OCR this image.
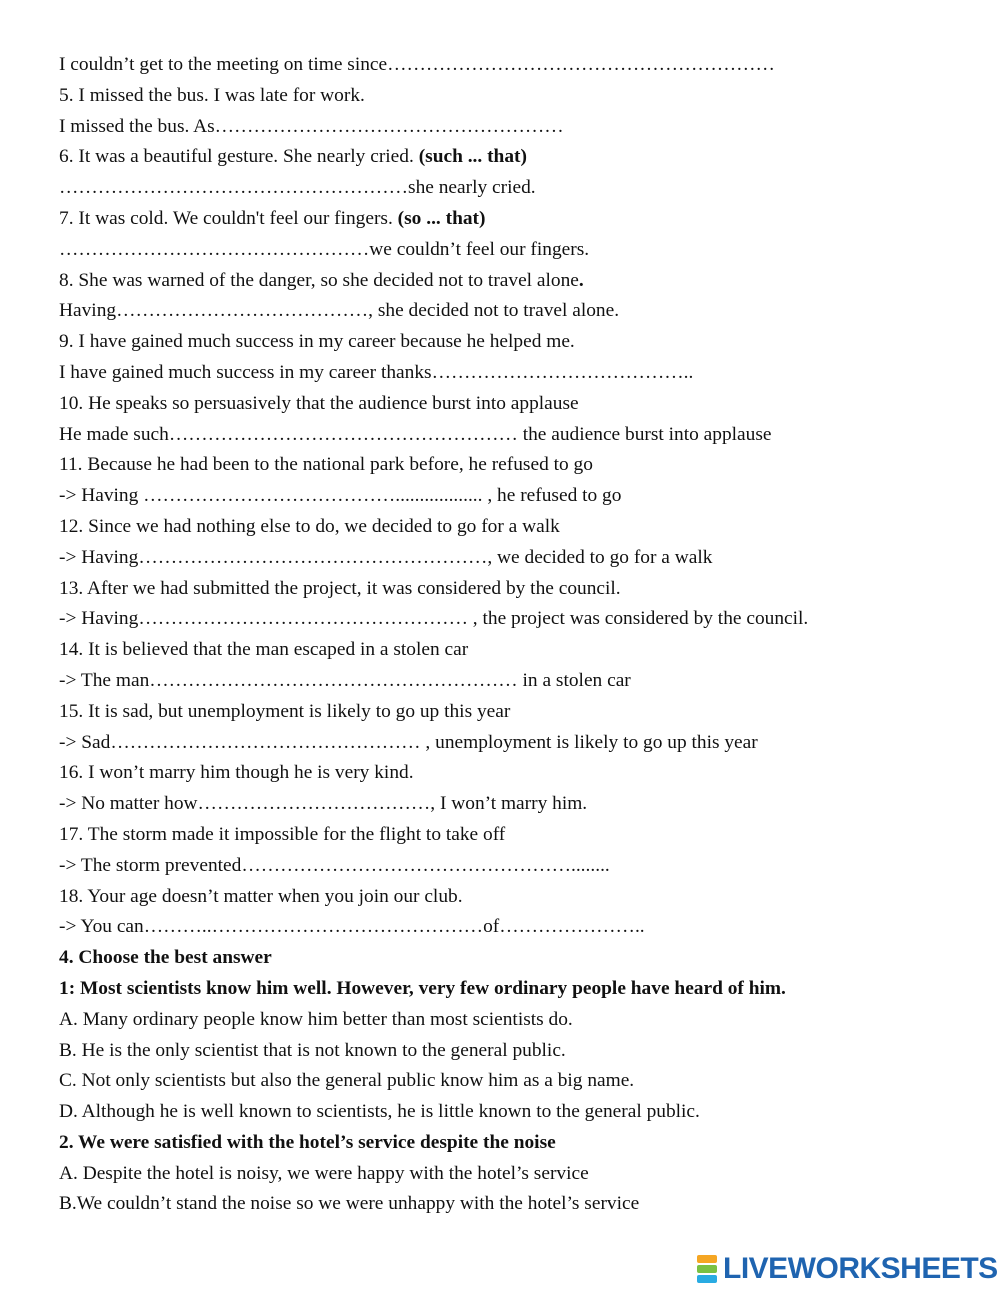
I couldn’t get to the meeting on time since……………………………………………………
5. I missed the bus. I was late for work.
I missed the bus. As………………………………………………
6. It was a beautiful gesture. She nearly cried. (such ... that)
………………………………………………she nearly cried.
7. It was cold. We couldn't feel our fingers. (so ... that)
…………………………………………we couldn’t feel our fingers.
8. She was warned of the danger, so she decided not to travel alone.
Having…………………………………, she decided not to travel alone.
9. I have gained much success in my career because he helped me.
I have gained much success in my career thanks…………………………………..
10. He speaks so persuasively that the audience burst into applause
He made such……………………………………………… the audience burst into applause
11. Because he had been to the national park before, he refused to go
-> Having ………………………………….................. , he refused to go
12. Since we had nothing else to do, we decided to go for a walk
-> Having………………………………………………, we decided to go for a walk
13. After we had submitted the project, it was considered by the council.
-> Having…………………………………………… , the project was considered by the council.
14. It is believed that the man escaped in a stolen car
-> The man………………………………………………… in a stolen car
15. It is sad, but unemployment is likely to go up this year
-> Sad………………………………………… , unemployment is likely to go up this year
16. I won’t marry him though he is very kind.
-> No matter how………………………………, I won’t marry him.
17. The storm made it impossible for the flight to take off
-> The storm prevented……………………………………………........
18. Your age doesn’t matter when you join our club.
-> You can………..……………………………………of…………………..
4. Choose the best answer
1: Most scientists know him well. However, very few ordinary people have heard of him.
A. Many ordinary people know him better than most scientists do.
B. He is the only scientist that is not known to the general public.
C. Not only scientists but also the general public know him as a big name.
D. Although he is well known to scientists, he is little known to the general public.
2. We were satisfied with the hotel’s service despite the noise
A. Despite the hotel is noisy, we were happy with the hotel’s service
B.We couldn’t stand the noise so we were unhappy with the hotel’s service
LIVEWORKSHEETS
